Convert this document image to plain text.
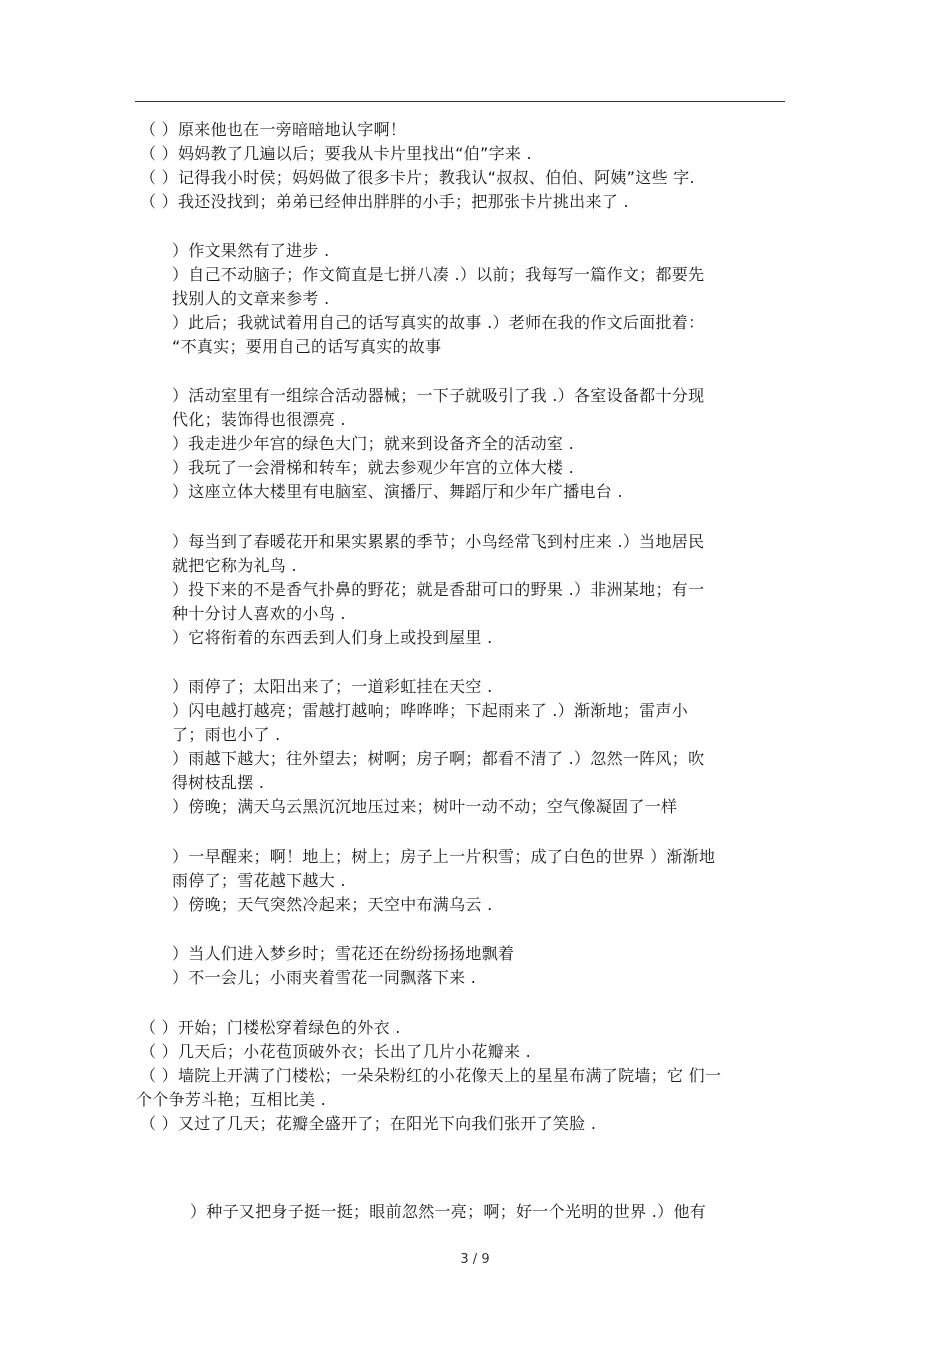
（ ）原来他也在一旁暗暗地认字啊！
（ ）妈妈教了几遍以后；要我从卡片里找出“伯”字来 .
（ ）记得我小时侯；妈妈做了很多卡片；教我认“叔叔、伯伯、阿姨”这些 字.
（ ）我还没找到；弟弟已经伸出胖胖的小手；把那张卡片挑出来了 .
）作文果然有了进步 .
）自己不动脑子；作文简直是七拼八凑 .）以前；我每写一篇作文；都要先
找别人的文章来参考 .
）此后；我就试着用自己的话写真实的故事 .）老师在我的作文后面批着：
“不真实；要用自己的话写真实的故事
）活动室里有一组综合活动器械；一下子就吸引了我 .）各室设备都十分现
代化；装饰得也很漂亮 .
）我走进少年宫的绿色大门；就来到设备齐全的活动室 .
）我玩了一会滑梯和转车；就去参观少年宫的立体大楼 .
）这座立体大楼里有电脑室、演播厅、舞蹈厅和少年广播电台 .
）每当到了春暖花开和果实累累的季节；小鸟经常飞到村庄来 .）当地居民
就把它称为礼鸟 .
）投下来的不是香气扑鼻的野花；就是香甜可口的野果 .）非洲某地；有一
种十分讨人喜欢的小鸟 .
）它将衔着的东西丢到人们身上或投到屋里 .
）雨停了；太阳出来了；一道彩虹挂在天空 .
）闪电越打越亮；雷越打越响；哗哗哗；下起雨来了 .）渐渐地；雷声小
了；雨也小了 .
）雨越下越大；往外望去；树啊；房子啊；都看不清了 .）忽然一阵风；吹
得树枝乱摆 .
）傍晚；满天乌云黑沉沉地压过来；树叶一动不动；空气像凝固了一样
）一早醒来；啊！地上；树上；房子上一片积雪；成了白色的世界 ）渐渐地
雨停了；雪花越下越大 .
）傍晚；天气突然冷起来；天空中布满乌云 .
）当人们进入梦乡时；雪花还在纷纷扬扬地飘着
）不一会儿；小雨夹着雪花一同飘落下来 .
（ ）开始；门楼松穿着绿色的外衣 .
（ ）几天后；小花苞顶破外衣；长出了几片小花瓣来 .
（ ）墙院上开满了门楼松；一朵朵粉红的小花像天上的星星布满了院墙；它 们一
个个争芳斗艳；互相比美 .
（ ）又过了几天；花瓣全盛开了；在阳光下向我们张开了笑脸 .
）种子又把身子挺一挺；眼前忽然一亮；啊；好一个光明的世界 .）他有
3 / 9
